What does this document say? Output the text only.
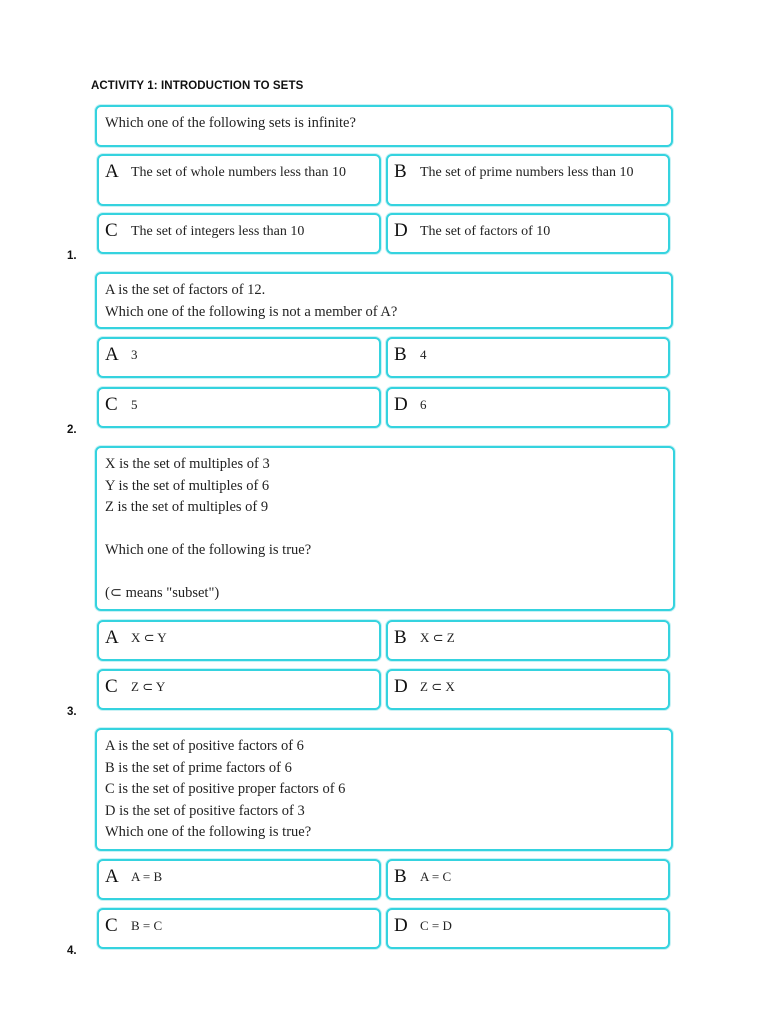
ACTIVITY 1: INTRODUCTION TO SETS
Which one of the following sets is infinite?
A The set of whole numbers less than 10	B The set of prime numbers less than 10
C The set of integers less than 10	D The set of factors of 10
1.
A is the set of factors of 12.
Which one of the following is not a member of A?
A 3	B 4
C 5	D 6
2.
X is the set of multiples of 3
Y is the set of multiples of 6
Z is the set of multiples of 9
Which one of the following is true?
(⊂ means "subset")
A X ⊂ Y	B X ⊂ Z
C Z ⊂ Y	D Z ⊂ X
3.
A is the set of positive factors of 6
B is the set of prime factors of 6
C is the set of positive proper factors of 6
D is the set of positive factors of 3
Which one of the following is true?
A A = B	B A = C
C B = C	D C = D
4.
